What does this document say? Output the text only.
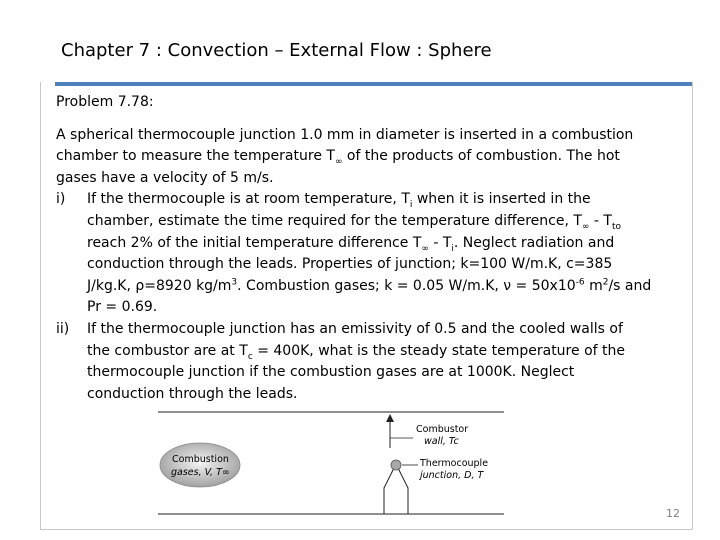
Chapter 7 : Convection – External Flow : Sphere

Problem 7.78:

A spherical thermocouple junction 1.0 mm in diameter is inserted in a combustion

chamber to measure the temperature $T_\infty$ of the products of combustion. The hot

gases have a velocity of 5 m/s.

i) If the thermocouple is at room temperature, $T_i$ when it is inserted in the

chamber, estimate the time required for the temperature difference, $T_\infty - T_{to}$

reach 2% of the initial temperature difference $T_\infty - T_i$. Neglect radiation and

conduction through the leads. Properties of junction; k=100 W/m.K, c=385

J/kg.K, ρ=8920 $kg/m^3$. Combustion gases; k = 0.05 W/m.K, $\nu = 50x10^{-6}$ $m^2/s$ and

Pr = 0.69.

ii) If the thermocouple junction has an emissivity of 0.5 and the cooled walls of

the combustor are at $T_c = 400K$, what is the steady state temperature of the

thermocouple junction if the combustion gases are at 1000K. Neglect

conduction through the leads.

Combustion
gases, V, T∞
Combustor
wall, Tc
Thermocouple
junction, D, T
12
